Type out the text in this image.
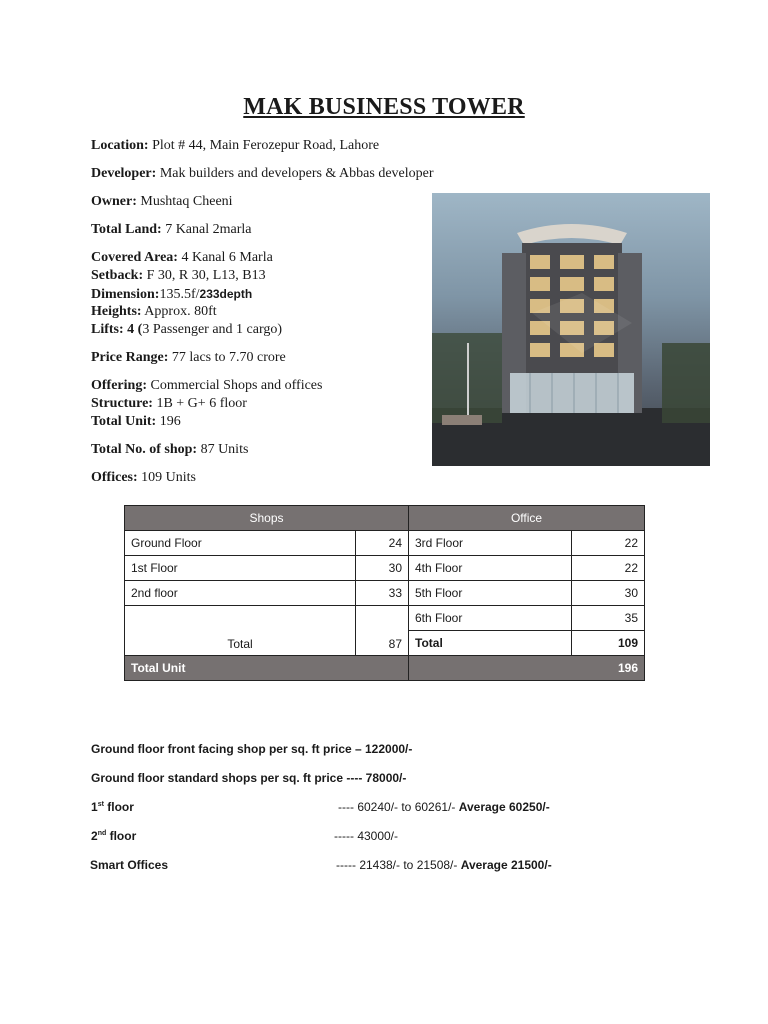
MAK BUSINESS TOWER
Location: Plot # 44, Main Ferozepur Road, Lahore
Developer: Mak builders and developers & Abbas developer
Owner: Mushtaq Cheeni
Total Land: 7 Kanal 2marla
Covered Area: 4 Kanal 6 Marla
Setback: F 30, R 30, L13, B13
Dimension:135.5f/233depth
Heights: Approx. 80ft
Lifts: 4 (3 Passenger and 1 cargo)
Price Range: 77 lacs to 7.70 crore
Offering: Commercial Shops and offices
Structure: 1B + G+ 6 floor
Total Unit: 196
Total No. of shop: 87 Units
Offices: 109 Units
Shops		Office	
Ground Floor	24	3rd Floor	22
1st Floor	30	4th Floor	22
2nd floor	33	5th Floor	30
Total	87	6th Floor	35
		Total	109
Total Unit		196	
Ground floor front facing shop per sq. ft price – 122000/-
Ground floor standard shops per sq. ft price ---- 78000/-
1st floor	---- 60240/- to 60261/- Average 60250/-
2nd floor	----- 43000/-
Smart Offices	----- 21438/- to 21508/- Average 21500/-
